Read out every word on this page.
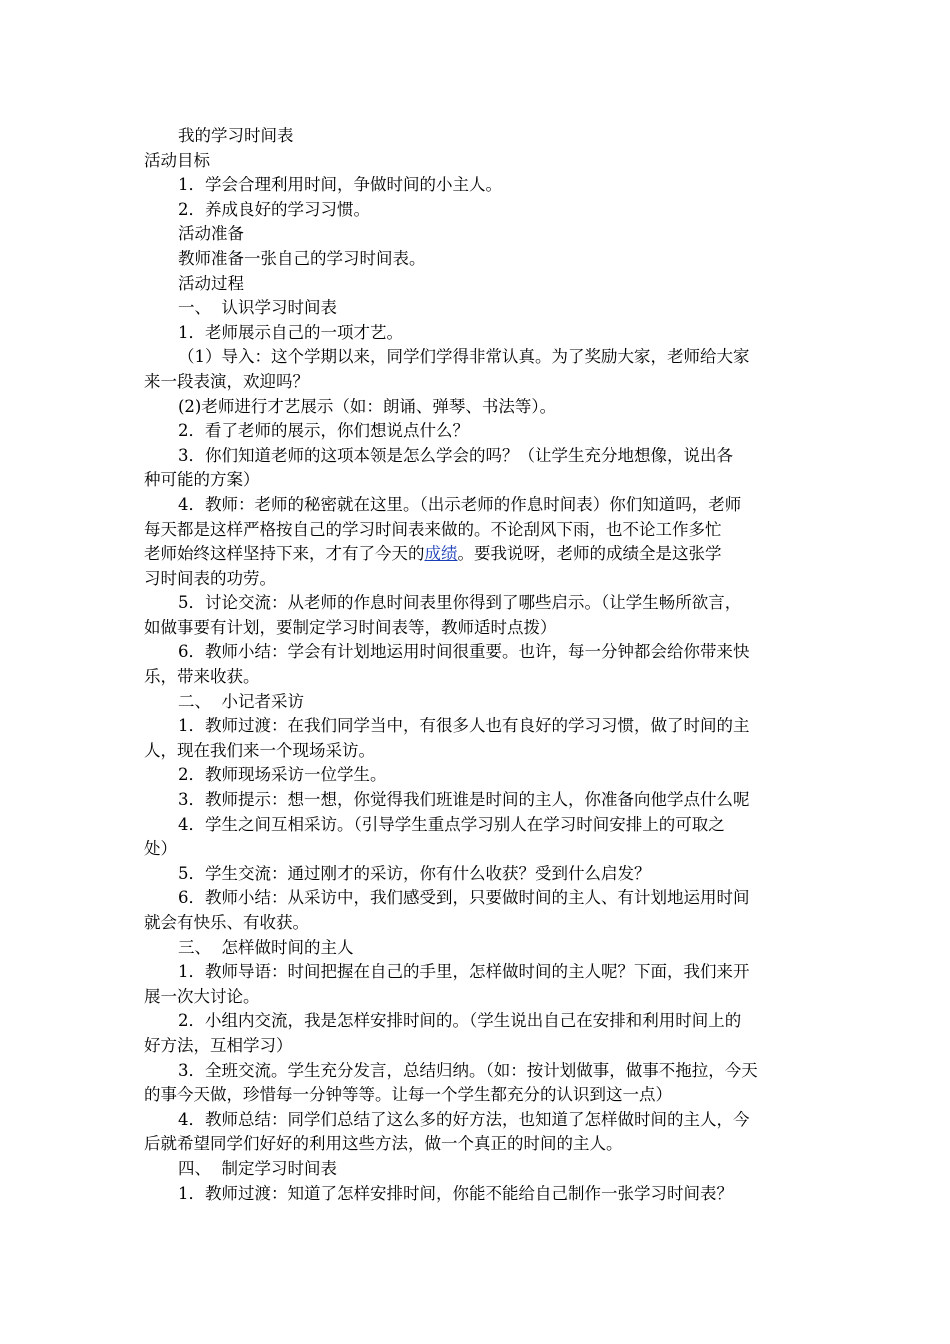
我的学习时间表

活动目标

1．学会合理利用时间，争做时间的小主人。

2．养成良好的学习习惯。

活动准备

教师准备一张自己的学习时间表。

活动过程

一、  认识学习时间表

1．老师展示自己的一项才艺。

（1）导入：这个学期以来，同学们学得非常认真。为了奖励大家，老师给大家

来一段表演，欢迎吗？

(2)老师进行才艺展示（如：朗诵、弹琴、书法等）。

2．看了老师的展示，你们想说点什么？

3．你们知道老师的这项本领是怎么学会的吗？（让学生充分地想像，说出各

种可能的方案）

4．教师：老师的秘密就在这里。（出示老师的作息时间表）你们知道吗，老师

每天都是这样严格按自己的学习时间表来做的。不论刮风下雨，也不论工作多忙

老师始终这样坚持下来，才有了今天的成绩。要我说呀，老师的成绩全是这张学

习时间表的功劳。

5．讨论交流：从老师的作息时间表里你得到了哪些启示。（让学生畅所欲言，

如做事要有计划，要制定学习时间表等，教师适时点拨）

6．教师小结：学会有计划地运用时间很重要。也许，每一分钟都会给你带来快

乐，带来收获。

二、  小记者采访

1．教师过渡：在我们同学当中，有很多人也有良好的学习习惯，做了时间的主

人，现在我们来一个现场采访。

2．教师现场采访一位学生。

3．教师提示：想一想，你觉得我们班谁是时间的主人，你准备向他学点什么呢

4．学生之间互相采访。（引导学生重点学习别人在学习时间安排上的可取之

处）

5．学生交流：通过刚才的采访，你有什么收获？受到什么启发？

6．教师小结：从采访中，我们感受到，只要做时间的主人、有计划地运用时间

就会有快乐、有收获。

三、  怎样做时间的主人

1．教师导语：时间把握在自己的手里，怎样做时间的主人呢？下面，我们来开

展一次大讨论。

2．小组内交流，我是怎样安排时间的。（学生说出自己在安排和利用时间上的

好方法，互相学习）

3．全班交流。学生充分发言，总结归纳。（如：按计划做事，做事不拖拉，今天

的事今天做，珍惜每一分钟等等。让每一个学生都充分的认识到这一点）

4．教师总结：同学们总结了这么多的好方法，也知道了怎样做时间的主人，今

后就希望同学们好好的利用这些方法，做一个真正的时间的主人。

四、  制定学习时间表

1．教师过渡：知道了怎样安排时间，你能不能给自己制作一张学习时间表？
